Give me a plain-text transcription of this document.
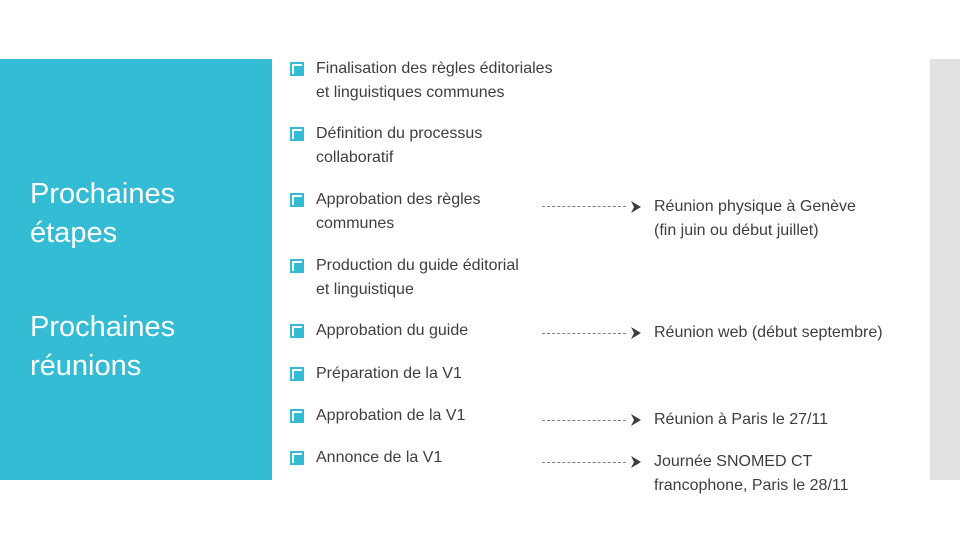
Prochaines
étapes
Prochaines
réunions
Finalisation des règles éditoriales
et linguistiques communes
Définition du processus
collaboratif
Approbation des règles
communes
Production du guide éditorial
et linguistique
Approbation du guide
Préparation de la V1
Approbation de la V1
Annonce de la V1
Réunion physique à Genève
(fin juin ou début juillet)
Réunion web (début septembre)
Réunion à Paris le 27/11
Journée SNOMED CT
francophone, Paris le 28/11
